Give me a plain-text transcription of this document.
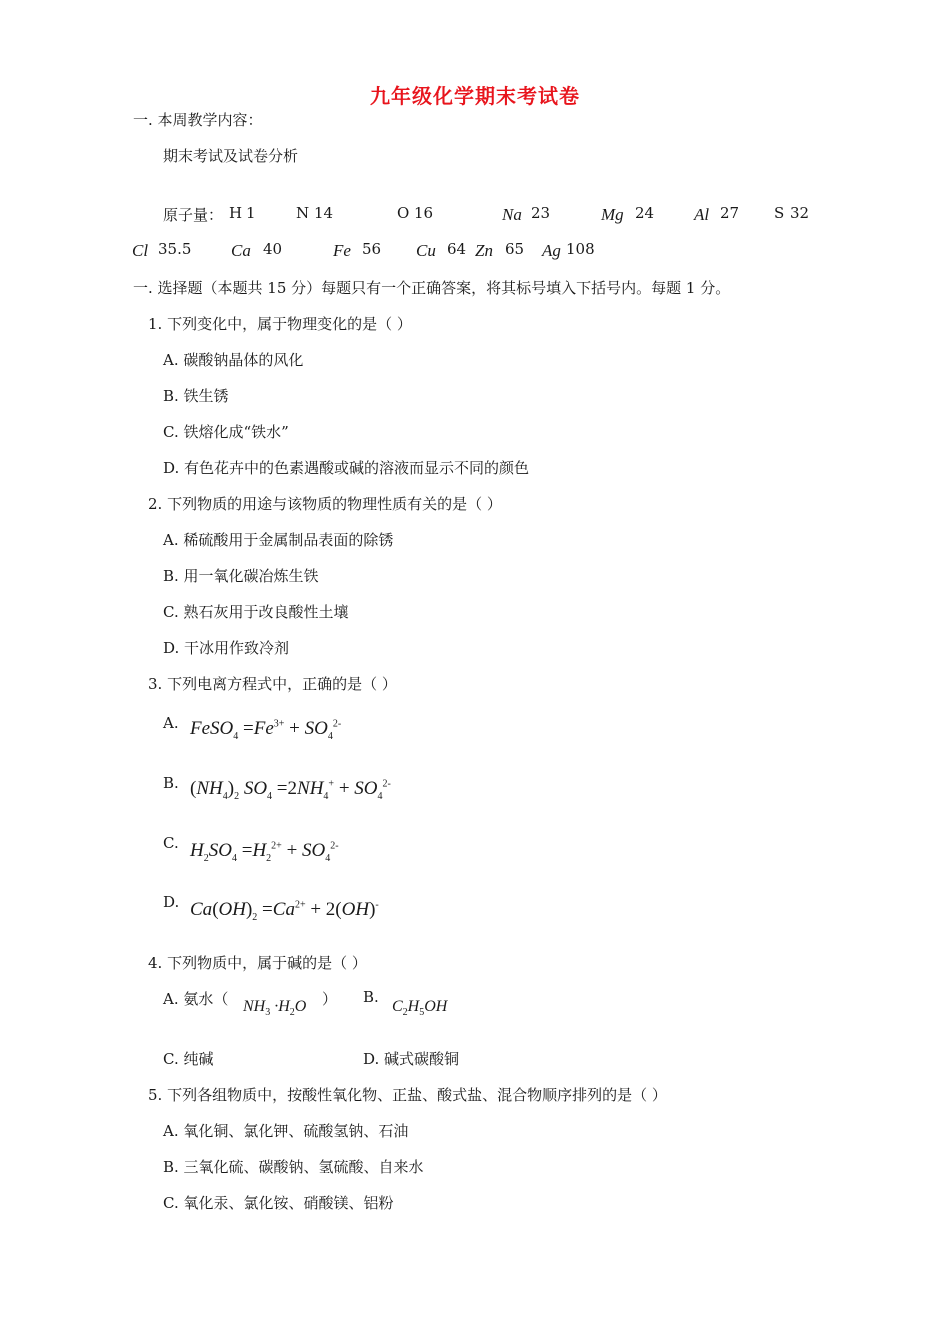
九年级化学期末考试卷
一. 本周教学内容：
期末考试及试卷分析
原子量： H 1	N 14	O 16	Na 23	Mg 24 Al 27 S 32
Cl 35.5 Ca 40	Fe 56 Cu 64 Zn 65 Ag 108
一. 选择题（本题共 15 分）每题只有一个正确答案，将其标号填入下括号内。每题 1 分。
1. 下列变化中，属于物理变化的是（ ）
A. 碳酸钠晶体的风化
B. 铁生锈
C. 铁熔化成“铁水”
D. 有色花卉中的色素遇酸或碱的溶液而显示不同的颜色
2. 下列物质的用途与该物质的物理性质有关的是（ ）
A. 稀硫酸用于金属制品表面的除锈
B. 用一氧化碳冶炼生铁
C. 熟石灰用于改良酸性土壤
D. 干冰用作致冷剂
3. 下列电离方程式中，正确的是（ ）
A. FeSO$_4$ $=Fe^{3+} + SO_4^{2-}$
B. $(NH_4)_2$ $SO_4 =2NH_4^+ + SO_4^{2-}$
C. $H_2SO_4 =H_2^{2+} + SO_4^{2-}$
D. $Ca(OH)_2 =Ca^{2+} + 2(OH)^-$
4. 下列物质中，属于碱的是（ ）
A. 氨水（ $NH_3 \cdot H_2O$ ） B.
$C_2H_5OH$
C. 纯碱	D. 碱式碳酸铜
5. 下列各组物质中，按酸性氧化物、正盐、酸式盐、混合物顺序排列的是（ ）
A. 氧化铜、氯化钾、硫酸氢钠、石油
B. 三氧化硫、碳酸钠、氢硫酸、自来水
C. 氧化汞、氯化铵、硝酸镁、铝粉
